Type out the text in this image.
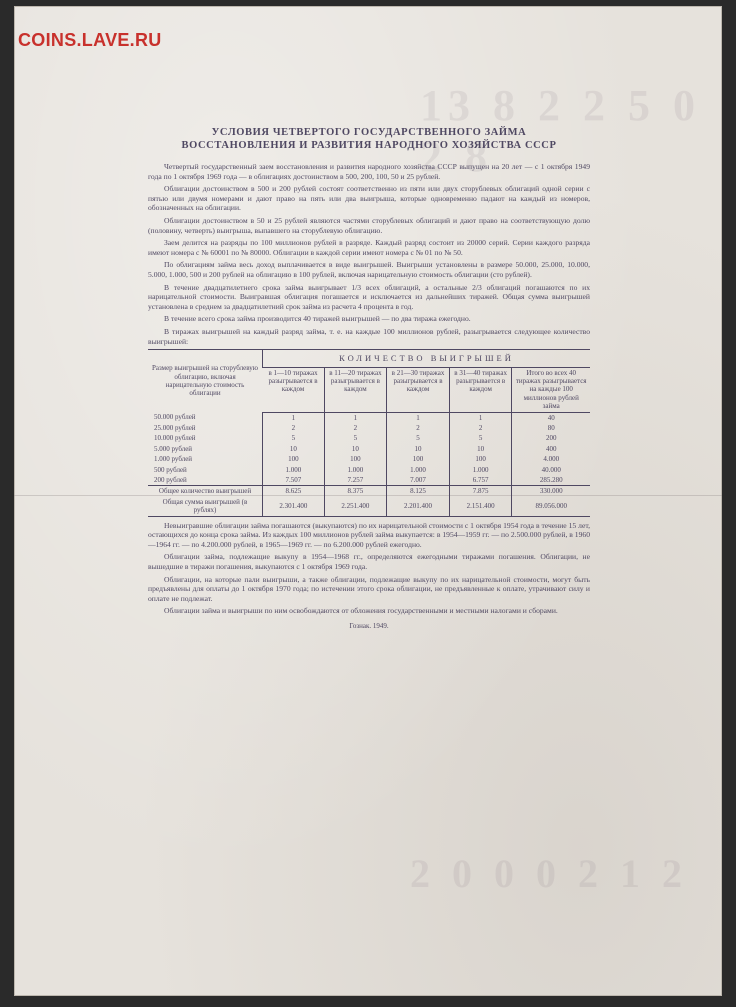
13 8 2 2 5 0 2 8
2 0 0 0 2 1 2
COINS.LAVE.RU
УСЛОВИЯ ЧЕТВЕРТОГО ГОСУДАРСТВЕННОГО ЗАЙМА
ВОССТАНОВЛЕНИЯ И РАЗВИТИЯ НАРОДНОГО ХОЗЯЙСТВА СССР

Четвертый государственный заем восстановления и развития народного хозяйства СССР выпущен на 20 лет — с 1 октября 1949 года по 1 октября 1969 года — в облигациях достоинством в 500, 200, 100, 50 и 25 рублей.

Облигации достоинством в 500 и 200 рублей состоят соответственно из пяти или двух сторублевых облигаций одной серии с пятью или двумя номерами и дают право на пять или два выигрыша, которые одновременно падают на каждый из номеров, обозначенных на облигации.

Облигации достоинством в 50 и 25 рублей являются частями сторублевых облигаций и дают право на соответствующую долю (половину, четверть) выигрыша, выпавшего на сторублевую облигацию.

Заем делится на разряды по 100 миллионов рублей в разряде. Каждый разряд состоит из 20000 серий. Серии каждого разряда имеют номера с № 60001 по № 80000. Облигации в каждой серии имеют номера с № 01 по № 50.

По облигациям займа весь доход выплачивается в виде выигрышей. Выигрыши установлены в размере 50.000, 25.000, 10.000, 5.000, 1.000, 500 и 200 рублей на облигацию в 100 рублей, включая нарицательную стоимость облигации (сто рублей).

В течение двадцатилетнего срока займа выигрывает 1/3 всех облигаций, а остальные 2/3 облигаций погашаются по их нарицательной стоимости. Выигравшая облигация погашается и исключается из дальнейших тиражей. Общая сумма выигрышей установлена в среднем за двадцатилетний срок займа из расчета 4 процента в год.

В течение всего срока займа производится 40 тиражей выигрышей — по два тиража ежегодно.

В тиражах выигрышей на каждый разряд займа, т. е. на каждые 100 миллионов рублей, разыгрывается следующее количество выигрышей:

Размер выигрышей на сторублевую облигацию, включая нарицательную стоимость облигации	КОЛИЧЕСТВО ВЫИГРЫШЕЙ				
	в 1—10 тиражах разыгрывается в каждом	в 11—20 тиражах разыгрывается в каждом	в 21—30 тиражах разыгрывается в каждом	в 31—40 тиражах разыгрывается в каждом	Итого во всех 40 тиражах разыгрывается на каждые 100 миллионов рублей займа
50.000 рублей	1	1	1	1	40
25.000 рублей	2	2	2	2	80
10.000 рублей	5	5	5	5	200
5.000 рублей	10	10	10	10	400
1.000 рублей	100	100	100	100	4.000
500 рублей	1.000	1.000	1.000	1.000	40.000
200 рублей	7.507	7.257	7.007	6.757	285.280
Общее количество выигрышей	8.625	8.375	8.125	7.875	330.000
Общая сумма выигрышей (в рублях)	2.301.400	2.251.400	2.201.400	2.151.400	89.056.000

Невыигравшие облигации займа погашаются (выкупаются) по их нарицательной стоимости с 1 октября 1954 года в течение 15 лет, остающихся до конца срока займа. Из каждых 100 миллионов рублей займа выкупается: в 1954—1959 гг. — по 2.500.000 рублей, в 1960—1964 гг. — по 4.200.000 рублей, в 1965—1969 гг. — по 6.200.000 рублей ежегодно.

Облигации займа, подлежащие выкупу в 1954—1968 гг., определяются ежегодными тиражами погашения. Облигации, не вышедшие в тиражи погашения, выкупаются с 1 октября 1969 года.

Облигации, на которые пали выигрыши, а также облигации, подлежащие выкупу по их нарицательной стоимости, могут быть предъявлены для оплаты до 1 октября 1970 года; по истечении этого срока облигации, не предъявленные к оплате, утрачивают силу и оплате не подлежат.

Облигации займа и выигрыши по ним освобождаются от обложения государственными и местными налогами и сборами.

Гознак. 1949.
